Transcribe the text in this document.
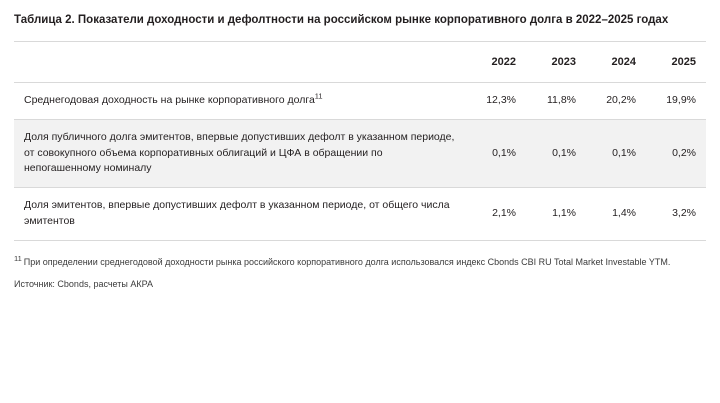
Таблица 2. Показатели доходности и дефолтности на российском рынке корпоративного долга в 2022–2025 годах

	2022	2023	2024	2025
Среднегодовая доходность на рынке корпоративного долга$^{11}$	12,3%	11,8%	20,2%	19,9%
Доля публичного долга эмитентов, впервые допустивших дефолт в указанном периоде, от совокупного объема корпоративных облигаций и ЦФА в обращении по непогашенному номиналу	0,1%	0,1%	0,1%	0,2%
Доля эмитентов, впервые допустивших дефолт в указанном периоде, от общего числа эмитентов	2,1%	1,1%	1,4%	3,2%

$^{11}$ При определении среднегодовой доходности рынка российского корпоративного долга использовался индекс Cbonds CBI RU Total Market Investable YTM.

Источник: Cbonds, расчеты АКРА
